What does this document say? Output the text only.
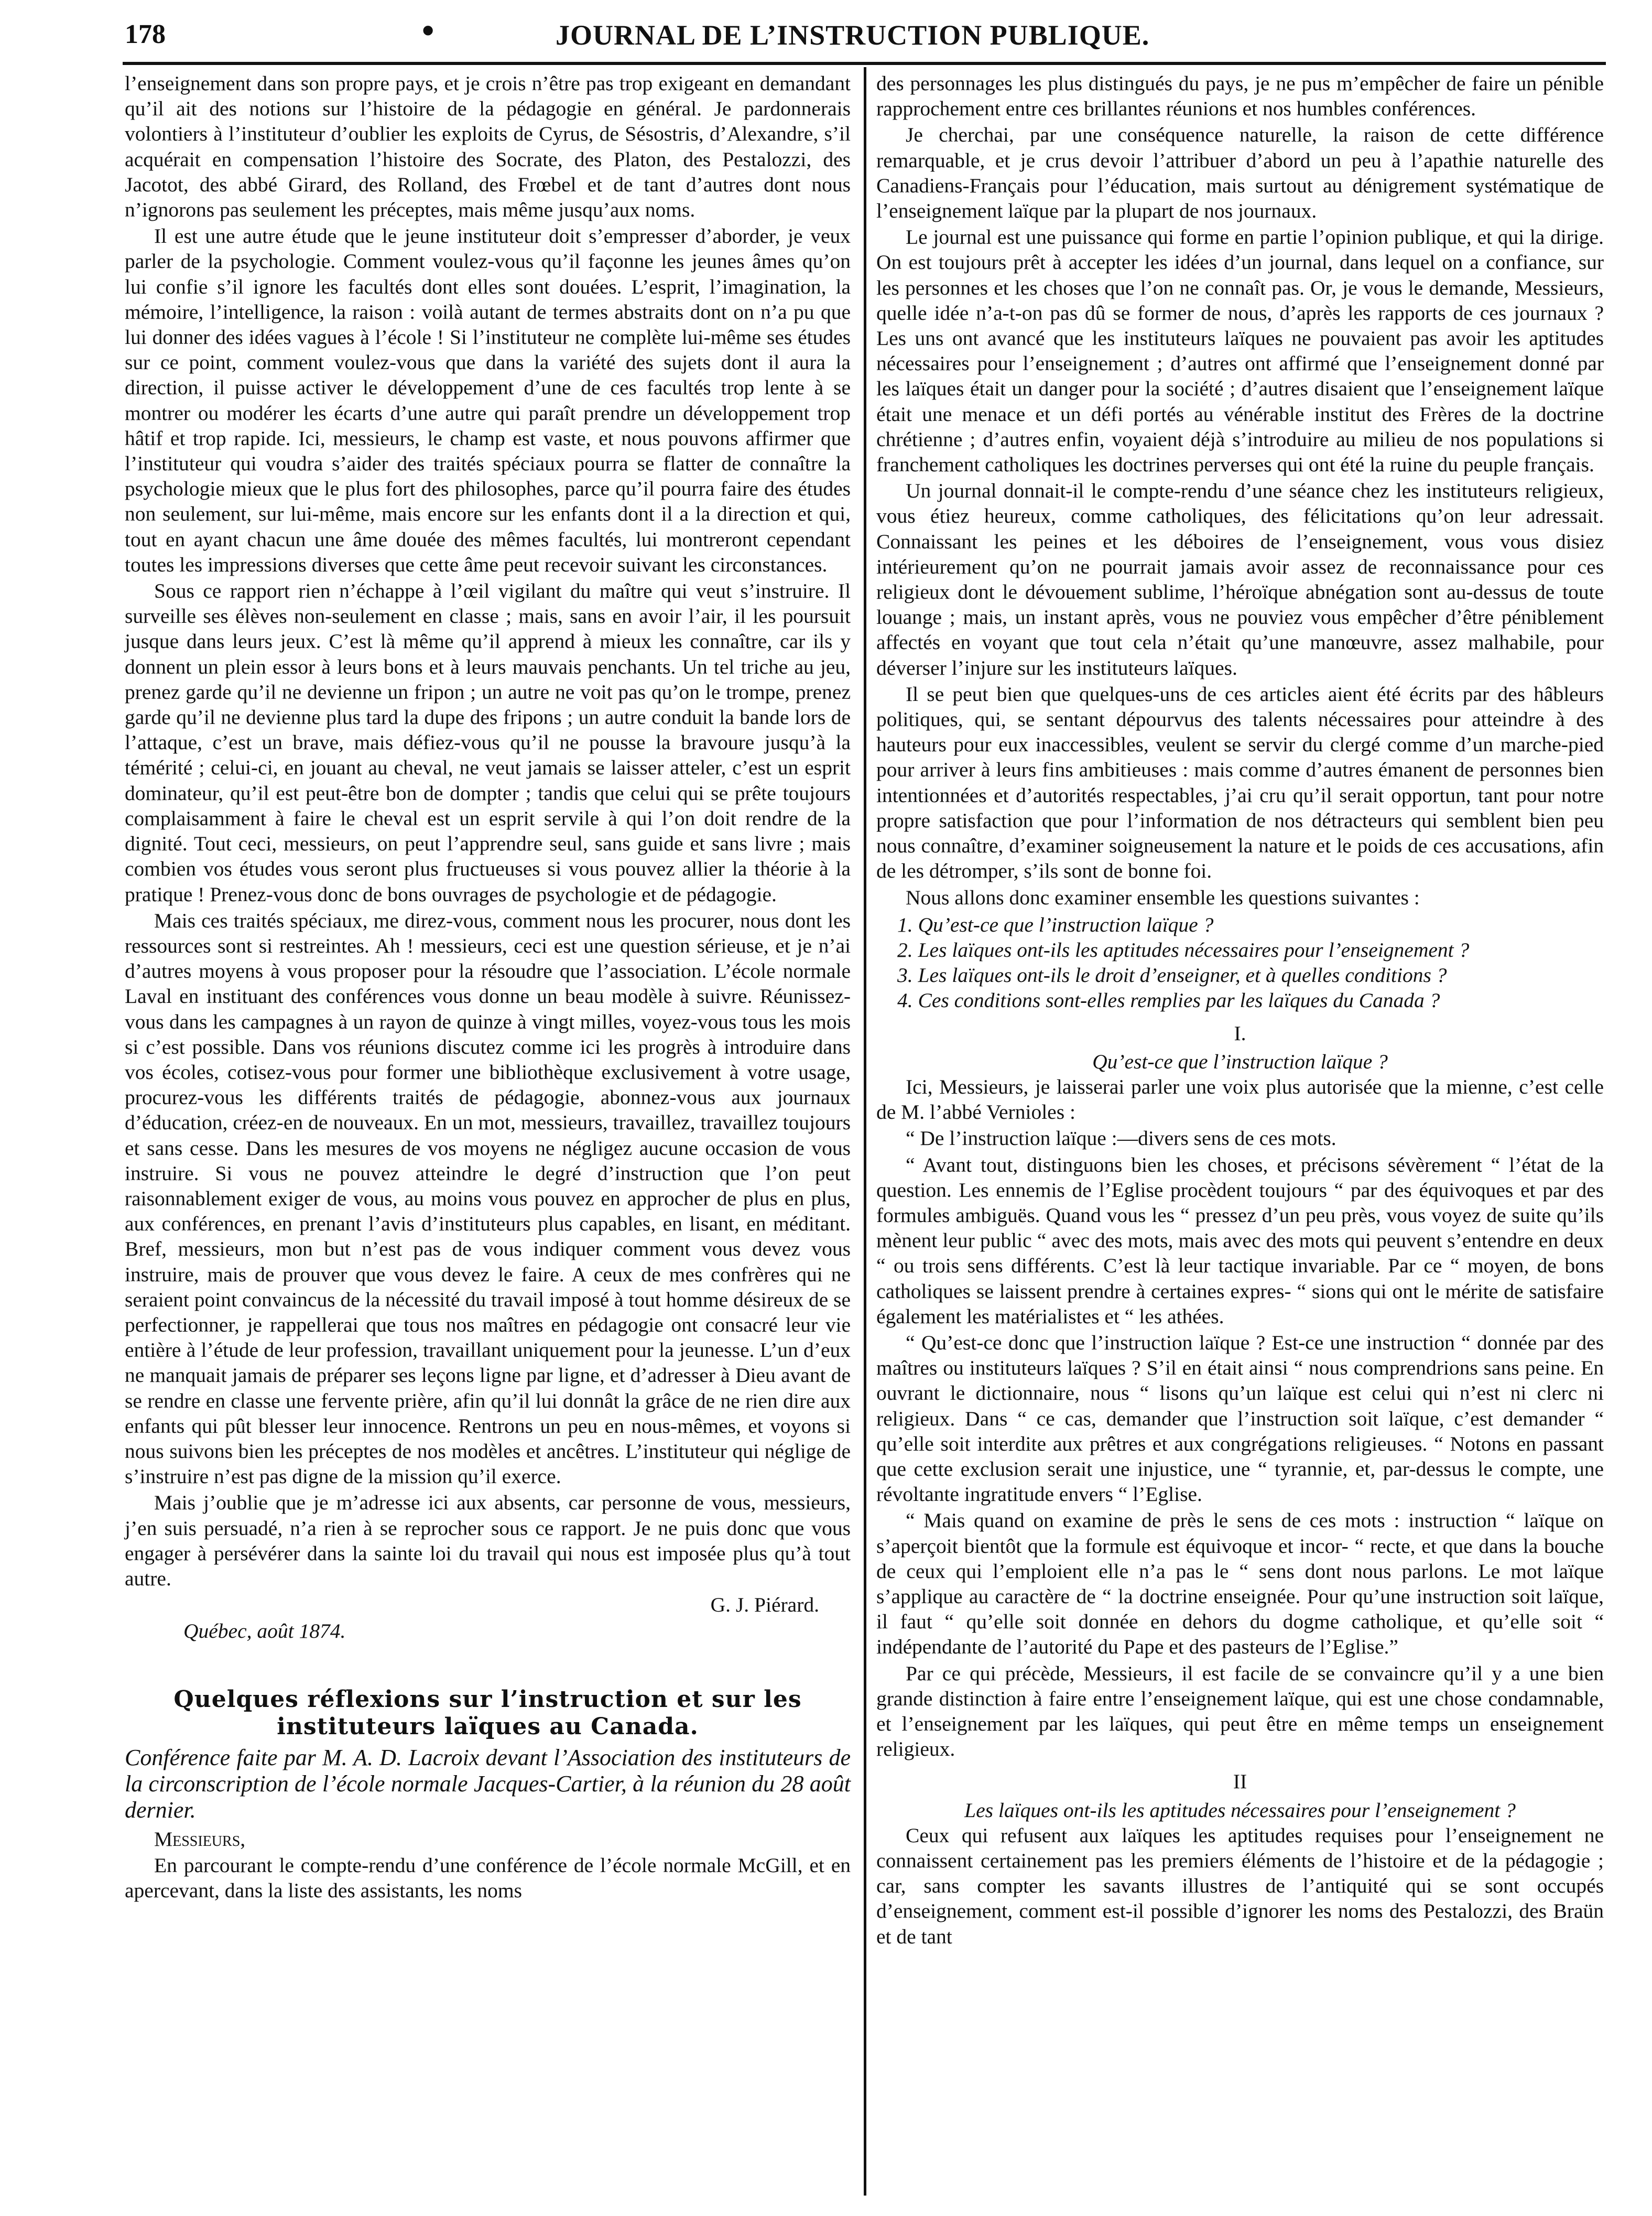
178	•	JOURNAL DE L’INSTRUCTION PUBLIQUE.

l’enseignement dans son propre pays, et je crois n’être pas trop exigeant en demandant qu’il ait des notions sur l’histoire de la pédagogie en général. Je pardonnerais volontiers à l’instituteur d’oublier les exploits de Cyrus, de Sésostris, d’Alexandre, s’il acquérait en compensation l’histoire des Socrate, des Platon, des Pestalozzi, des Jacotot, des abbé Girard, des Rolland, des Frœbel et de tant d’autres dont nous n’ignorons pas seulement les préceptes, mais même jusqu’aux noms.

Il est une autre étude que le jeune instituteur doit s’empresser d’aborder, je veux parler de la psychologie. Comment voulez-vous qu’il façonne les jeunes âmes qu’on lui confie s’il ignore les facultés dont elles sont douées. L’esprit, l’imagination, la mémoire, l’intelligence, la raison : voilà autant de termes abstraits dont on n’a pu que lui donner des idées vagues à l’école ! Si l’instituteur ne complète lui-même ses études sur ce point, comment voulez-vous que dans la variété des sujets dont il aura la direction, il puisse activer le développement d’une de ces facultés trop lente à se montrer ou modérer les écarts d’une autre qui paraît prendre un développement trop hâtif et trop rapide. Ici, messieurs, le champ est vaste, et nous pouvons affirmer que l’instituteur qui voudra s’aider des traités spéciaux pourra se flatter de connaître la psychologie mieux que le plus fort des philosophes, parce qu’il pourra faire des études non seulement, sur lui-même, mais encore sur les enfants dont il a la direction et qui, tout en ayant chacun une âme douée des mêmes facultés, lui montreront cependant toutes les impressions diverses que cette âme peut recevoir suivant les circonstances.

Sous ce rapport rien n’échappe à l’œil vigilant du maître qui veut s’instruire. Il surveille ses élèves non-seulement en classe ; mais, sans en avoir l’air, il les poursuit jusque dans leurs jeux. C’est là même qu’il apprend à mieux les connaître, car ils y donnent un plein essor à leurs bons et à leurs mauvais penchants. Un tel triche au jeu, prenez garde qu’il ne devienne un fripon ; un autre ne voit pas qu’on le trompe, prenez garde qu’il ne devienne plus tard la dupe des fripons ; un autre conduit la bande lors de l’attaque, c’est un brave, mais défiez-vous qu’il ne pousse la bravoure jusqu’à la témérité ; celui-ci, en jouant au cheval, ne veut jamais se laisser atteler, c’est un esprit dominateur, qu’il est peut-être bon de dompter ; tandis que celui qui se prête toujours complaisamment à faire le cheval est un esprit servile à qui l’on doit rendre de la dignité. Tout ceci, messieurs, on peut l’apprendre seul, sans guide et sans livre ; mais combien vos études vous seront plus fructueuses si vous pouvez allier la théorie à la pratique ! Prenez-vous donc de bons ouvrages de psychologie et de pédagogie.

Mais ces traités spéciaux, me direz-vous, comment nous les procurer, nous dont les ressources sont si restreintes. Ah ! messieurs, ceci est une question sérieuse, et je n’ai d’autres moyens à vous proposer pour la résoudre que l’association. L’école normale Laval en instituant des conférences vous donne un beau modèle à suivre. Réunissez-vous dans les campagnes à un rayon de quinze à vingt milles, voyez-vous tous les mois si c’est possible. Dans vos réunions discutez comme ici les progrès à introduire dans vos écoles, cotisez-vous pour former une bibliothèque exclusivement à votre usage, procurez-vous les différents traités de pédagogie, abonnez-vous aux journaux d’éducation, créez-en de nouveaux. En un mot, messieurs, travaillez, travaillez toujours et sans cesse. Dans les mesures de vos moyens ne négligez aucune occasion de vous instruire. Si vous ne pouvez atteindre le degré d’instruction que l’on peut raisonnablement exiger de vous, au moins vous pouvez en approcher de plus en plus, aux conférences, en prenant l’avis d’instituteurs plus capables, en lisant, en méditant. Bref, messieurs, mon but n’est pas de vous indiquer comment vous devez vous instruire, mais de prouver que vous devez le faire. A ceux de mes confrères qui ne seraient point convaincus de la nécessité du travail imposé à tout homme désireux de se perfectionner, je rappellerai que tous nos maîtres en pédagogie ont consacré leur vie entière à l’étude de leur profession, travaillant uniquement pour la jeunesse. L’un d’eux ne manquait jamais de préparer ses leçons ligne par ligne, et d’adresser à Dieu avant de se rendre en classe une fervente prière, afin qu’il lui donnât la grâce de ne rien dire aux enfants qui pût blesser leur innocence. Rentrons un peu en nous-mêmes, et voyons si nous suivons bien les préceptes de nos modèles et ancêtres. L’instituteur qui néglige de s’instruire n’est pas digne de la mission qu’il exerce.

Mais j’oublie que je m’adresse ici aux absents, car personne de vous, messieurs, j’en suis persuadé, n’a rien à se reprocher sous ce rapport. Je ne puis donc que vous engager à persévérer dans la sainte loi du travail qui nous est imposée plus qu’à tout autre.

G. J. Piérard.

Québec, août 1874.

Quelques réflexions sur l’instruction et sur les instituteurs laïques au Canada.
Conférence faite par M. A. D. Lacroix devant l’Association des instituteurs de la circonscription de l’école normale Jacques-Cartier, à la réunion du 28 août dernier.

Messieurs,

En parcourant le compte-rendu d’une conférence de l’école normale McGill, et en apercevant, dans la liste des assistants, les noms

des personnages les plus distingués du pays, je ne pus m’empêcher de faire un pénible rapprochement entre ces brillantes réunions et nos humbles conférences.

Je cherchai, par une conséquence naturelle, la raison de cette différence remarquable, et je crus devoir l’attribuer d’abord un peu à l’apathie naturelle des Canadiens-Français pour l’éducation, mais surtout au dénigrement systématique de l’enseignement laïque par la plupart de nos journaux.

Le journal est une puissance qui forme en partie l’opinion publique, et qui la dirige. On est toujours prêt à accepter les idées d’un journal, dans lequel on a confiance, sur les personnes et les choses que l’on ne connaît pas. Or, je vous le demande, Messieurs, quelle idée n’a-t-on pas dû se former de nous, d’après les rapports de ces journaux ? Les uns ont avancé que les instituteurs laïques ne pouvaient pas avoir les aptitudes nécessaires pour l’enseignement ; d’autres ont affirmé que l’enseignement donné par les laïques était un danger pour la société ; d’autres disaient que l’enseignement laïque était une menace et un défi portés au vénérable institut des Frères de la doctrine chrétienne ; d’autres enfin, voyaient déjà s’introduire au milieu de nos populations si franchement catholiques les doctrines perverses qui ont été la ruine du peuple français.

Un journal donnait-il le compte-rendu d’une séance chez les instituteurs religieux, vous étiez heureux, comme catholiques, des félicitations qu’on leur adressait. Connaissant les peines et les déboires de l’enseignement, vous vous disiez intérieurement qu’on ne pourrait jamais avoir assez de reconnaissance pour ces religieux dont le dévouement sublime, l’héroïque abnégation sont au-dessus de toute louange ; mais, un instant après, vous ne pouviez vous empêcher d’être péniblement affectés en voyant que tout cela n’était qu’une manœuvre, assez malhabile, pour déverser l’injure sur les instituteurs laïques.

Il se peut bien que quelques-uns de ces articles aient été écrits par des hâbleurs politiques, qui, se sentant dépourvus des talents nécessaires pour atteindre à des hauteurs pour eux inaccessibles, veulent se servir du clergé comme d’un marche-pied pour arriver à leurs fins ambitieuses : mais comme d’autres émanent de personnes bien intentionnées et d’autorités respectables, j’ai cru qu’il serait opportun, tant pour notre propre satisfaction que pour l’information de nos détracteurs qui semblent bien peu nous connaître, d’examiner soigneusement la nature et le poids de ces accusations, afin de les détromper, s’ils sont de bonne foi.

Nous allons donc examiner ensemble les questions suivantes :

1. Qu’est-ce que l’instruction laïque ?
2. Les laïques ont-ils les aptitudes nécessaires pour l’enseignement ?
3. Les laïques ont-ils le droit d’enseigner, et à quelles conditions ?
4. Ces conditions sont-elles remplies par les laïques du Canada ?
I.
Qu’est-ce que l’instruction laïque ?

Ici, Messieurs, je laisserai parler une voix plus autorisée que la mienne, c’est celle de M. l’abbé Vernioles :

“ De l’instruction laïque :—divers sens de ces mots.

“ Avant tout, distinguons bien les choses, et précisons sévèrement “ l’état de la question. Les ennemis de l’Eglise procèdent toujours “ par des équivoques et par des formules ambiguës. Quand vous les “ pressez d’un peu près, vous voyez de suite qu’ils mènent leur public “ avec des mots, mais avec des mots qui peuvent s’entendre en deux “ ou trois sens différents. C’est là leur tactique invariable. Par ce “ moyen, de bons catholiques se laissent prendre à certaines expres- “ sions qui ont le mérite de satisfaire également les matérialistes et “ les athées.

“ Qu’est-ce donc que l’instruction laïque ? Est-ce une instruction “ donnée par des maîtres ou instituteurs laïques ? S’il en était ainsi “ nous comprendrions sans peine. En ouvrant le dictionnaire, nous “ lisons qu’un laïque est celui qui n’est ni clerc ni religieux. Dans “ ce cas, demander que l’instruction soit laïque, c’est demander “ qu’elle soit interdite aux prêtres et aux congrégations religieuses. “ Notons en passant que cette exclusion serait une injustice, une “ tyrannie, et, par-dessus le compte, une révoltante ingratitude envers “ l’Eglise.

“ Mais quand on examine de près le sens de ces mots : instruction “ laïque on s’aperçoit bientôt que la formule est équivoque et incor- “ recte, et que dans la bouche de ceux qui l’emploient elle n’a pas le “ sens dont nous parlons. Le mot laïque s’applique au caractère de “ la doctrine enseignée. Pour qu’une instruction soit laïque, il faut “ qu’elle soit donnée en dehors du dogme catholique, et qu’elle soit “ indépendante de l’autorité du Pape et des pasteurs de l’Eglise.”

Par ce qui précède, Messieurs, il est facile de se convaincre qu’il y a une bien grande distinction à faire entre l’enseignement laïque, qui est une chose condamnable, et l’enseignement par les laïques, qui peut être en même temps un enseignement religieux.

II
Les laïques ont-ils les aptitudes nécessaires pour l’enseignement ?

Ceux qui refusent aux laïques les aptitudes requises pour l’enseignement ne connaissent certainement pas les premiers éléments de l’histoire et de la pédagogie ; car, sans compter les savants illustres de l’antiquité qui se sont occupés d’enseignement, comment est-il possible d’ignorer les noms des Pestalozzi, des Braün et de tant
